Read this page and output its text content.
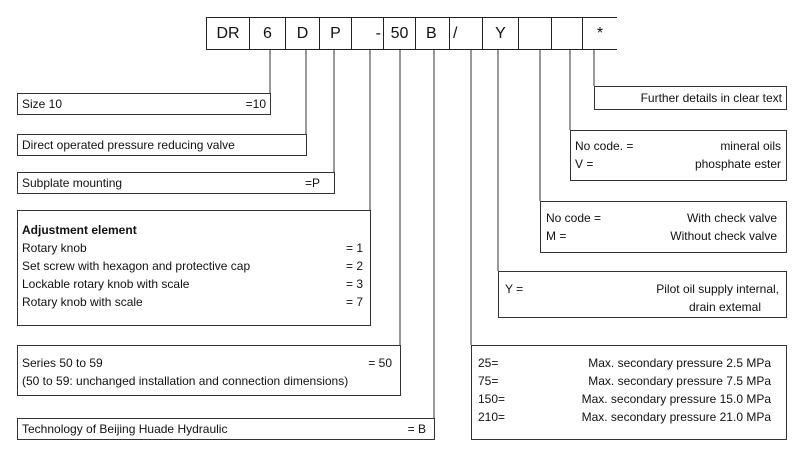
DR	6	D	P	- 50	B	/	Y	*
Size 10	=10
Direct operated pressure reducing valve
Subplate mounting	=P
Adjustment element
Rotary knob	= 1
Set screw with hexagon and protective cap	= 2
Lockable rotary knob with scale	= 3
Rotary knob with scale	= 7
Series 50 to 59	= 50
(50 to 59: unchanged installation and connection dimensions)
Technology of Beijing Huade Hydraulic	= B
Further details in clear text
No code. =	mineral oils
V =	phosphate ester
No code =	With check valve
M =	Without check valve
Y =	Pilot oil supply internal,
drain extemal
25=	Max. secondary pressure 2.5 MPa
75=	Max. secondary pressure 7.5 MPa
150=	Max. secondary pressure 15.0 MPa
210=	Max. secondary pressure 21.0 MPa
